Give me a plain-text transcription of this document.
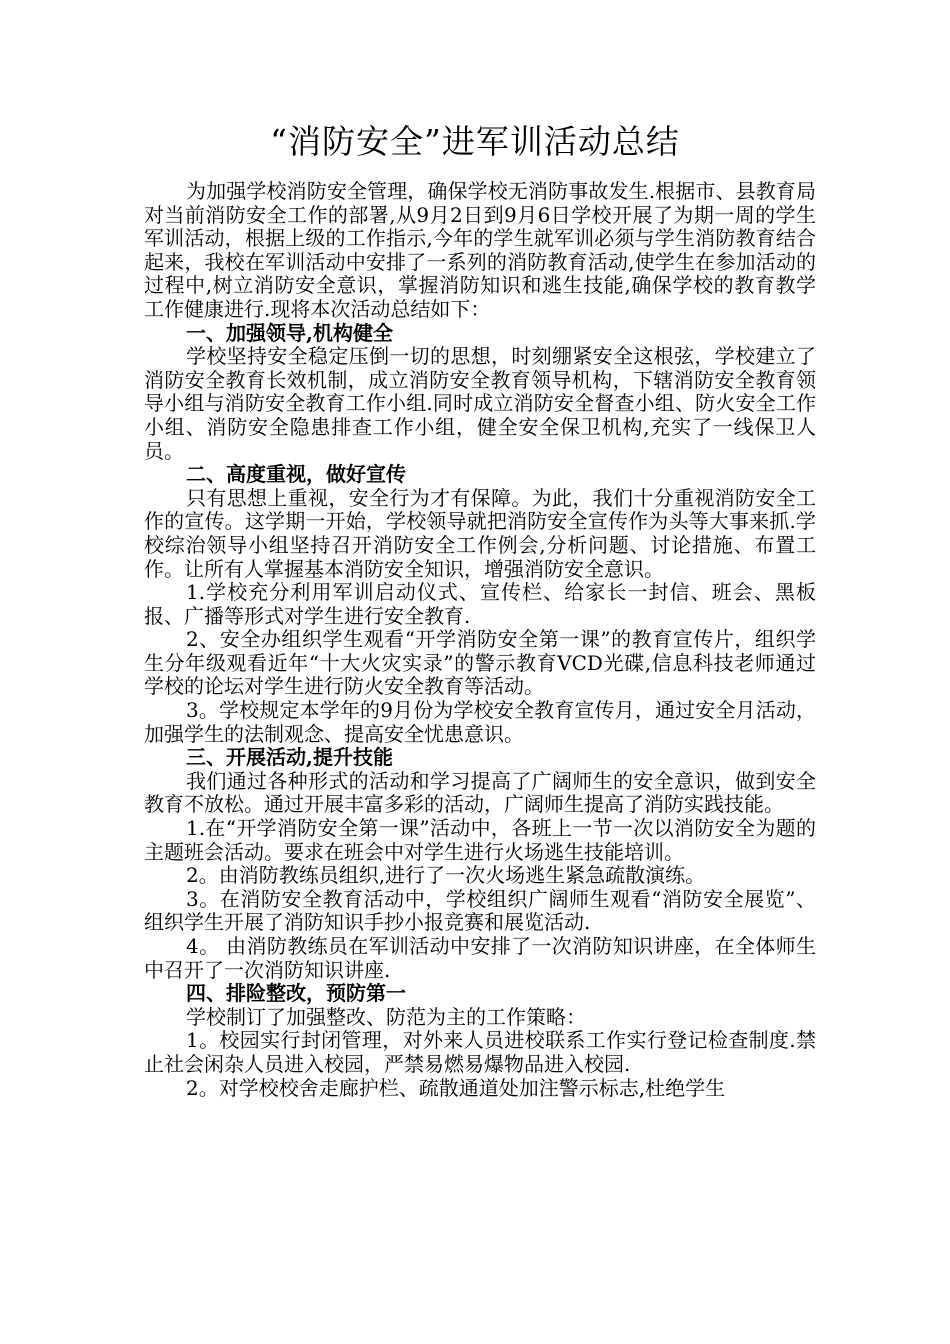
“消防安全”进军训活动总结

为加强学校消防安全管理，确保学校无消防事故发生.根据市、县教育局对当前消防安全工作的部署,从9月2日到9月6日学校开展了为期一周的学生军训活动，根据上级的工作指示,今年的学生就军训必须与学生消防教育结合起来，我校在军训活动中安排了一系列的消防教育活动,使学生在参加活动的过程中,树立消防安全意识，掌握消防知识和逃生技能,确保学校的教育教学工作健康进行.现将本次活动总结如下：

一、加强领导,机构健全

学校坚持安全稳定压倒一切的思想，时刻绷紧安全这根弦，学校建立了消防安全教育长效机制，成立消防安全教育领导机构，下辖消防安全教育领导小组与消防安全教育工作小组.同时成立消防安全督查小组、防火安全工作小组、消防安全隐患排查工作小组，健全安全保卫机构,充实了一线保卫人员。

二、高度重视，做好宣传

只有思想上重视，安全行为才有保障。为此，我们十分重视消防安全工作的宣传。这学期一开始，学校领导就把消防安全宣传作为头等大事来抓.学校综治领导小组坚持召开消防安全工作例会,分析问题、讨论措施、布置工作。让所有人掌握基本消防安全知识，增强消防安全意识。

1.学校充分利用军训启动仪式、宣传栏、给家长一封信、班会、黑板报、广播等形式对学生进行安全教育.

2、安全办组织学生观看“开学消防安全第一课”的教育宣传片，组织学生分年级观看近年“十大火灾实录”的警示教育VCD光碟,信息科技老师通过学校的论坛对学生进行防火安全教育等活动。

3。学校规定本学年的9月份为学校安全教育宣传月，通过安全月活动，加强学生的法制观念、提高安全忧患意识。

三、开展活动,提升技能

我们通过各种形式的活动和学习提高了广阔师生的安全意识，做到安全教育不放松。通过开展丰富多彩的活动，广阔师生提高了消防实践技能。

1.在“开学消防安全第一课”活动中，各班上一节一次以消防安全为题的主题班会活动。要求在班会中对学生进行火场逃生技能培训。

2。由消防教练员组织,进行了一次火场逃生紧急疏散演练。

3。在消防安全教育活动中，学校组织广阔师生观看“消防安全展览”、组织学生开展了消防知识手抄小报竞赛和展览活动.

4。 由消防教练员在军训活动中安排了一次消防知识讲座，在全体师生中召开了一次消防知识讲座.

四、排险整改，预防第一

学校制订了加强整改、防范为主的工作策略：

1。校园实行封闭管理，对外来人员进校联系工作实行登记检查制度.禁止社会闲杂人员进入校园，严禁易燃易爆物品进入校园.

2。对学校校舍走廊护栏、疏散通道处加注警示标志,杜绝学生
